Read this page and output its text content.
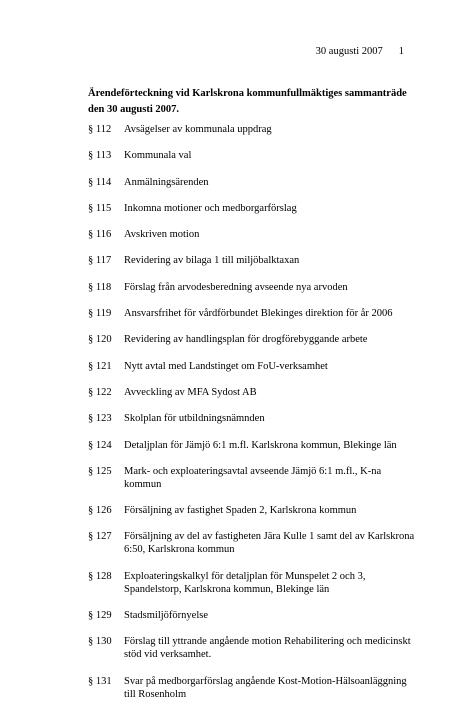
30 augusti 2007 1
Ärendeförteckning vid Karlskrona kommunfullmäktiges sammanträde den 30 augusti 2007.
§ 112	Avsägelser av kommunala uppdrag
§ 113	Kommunala val
§ 114	Anmälningsärenden
§ 115	Inkomna motioner och medborgarförslag
§ 116	Avskriven motion
§ 117	Revidering av bilaga 1 till miljöbalktaxan
§ 118	Förslag från arvodesberedning avseende nya arvoden
§ 119	Ansvarsfrihet för vårdförbundet Blekinges direktion för år 2006
§ 120	Revidering av handlingsplan för drogförebyggande arbete
§ 121	Nytt avtal med Landstinget om FoU-verksamhet
§ 122	Avveckling av MFA Sydost AB
§ 123	Skolplan för utbildningsnämnden
§ 124	Detaljplan för Jämjö 6:1 m.fl. Karlskrona kommun, Blekinge län
§ 125	Mark- och exploateringsavtal avseende Jämjö 6:1 m.fl., K-na kommun
§ 126	Försäljning av fastighet Spaden 2, Karlskrona kommun
§ 127	Försäljning av del av fastigheten Jära Kulle 1 samt del av Karlskrona 6:50, Karlskrona kommun
§ 128	Exploateringskalkyl för detaljplan för Munspelet 2 och 3, Spandelstorp, Karlskrona kommun, Blekinge län
§ 129	Stadsmiljöförnyelse
§ 130	Förslag till yttrande angående motion Rehabilitering och medicinskt stöd vid verksamhet.
§ 131	Svar på medborgarförslag angående Kost-Motion-Hälsoanläggning till Rosenholm
